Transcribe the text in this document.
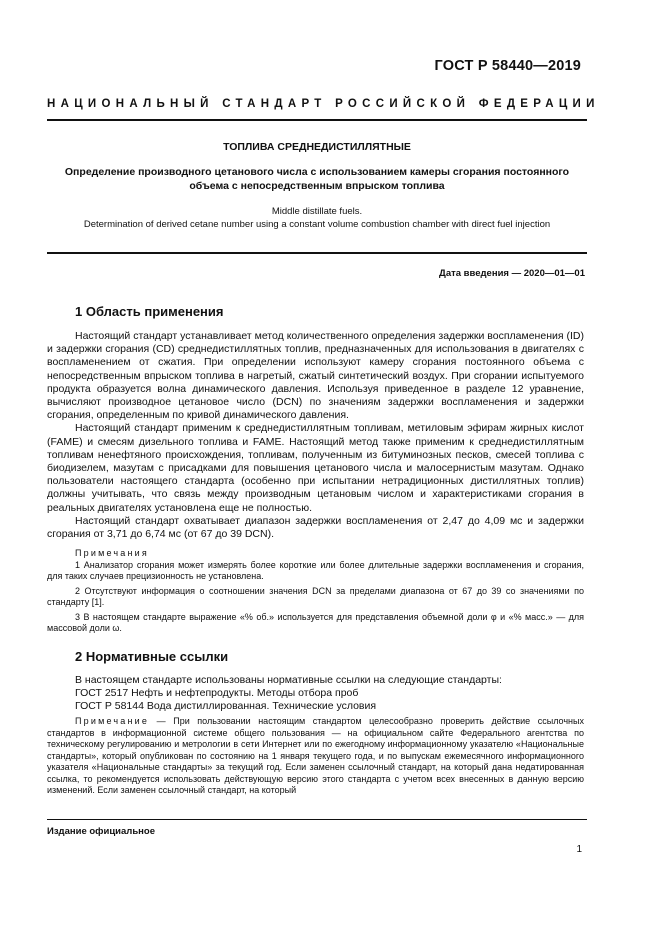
ГОСТ Р 58440—2019
НАЦИОНАЛЬНЫЙ СТАНДАРТ РОССИЙСКОЙ ФЕДЕРАЦИИ
ТОПЛИВА СРЕДНЕДИСТИЛЛЯТНЫЕ
Определение производного цетанового числа с использованием камеры сгорания постоянного объема с непосредственным впрыском топлива
Middle distillate fuels.
Determination of derived cetane number using a constant volume combustion chamber with direct fuel injection
Дата введения — 2020—01—01
1 Область применения

Настоящий стандарт устанавливает метод количественного определения задержки воспламенения (ID) и задержки сгорания (CD) среднедистиллятных топлив, предназначенных для использования в двигателях с воспламенением от сжатия. При определении используют камеру сгорания постоянного объема с непосредственным впрыском топлива в нагретый, сжатый синтетический воздух. При сгорании испытуемого продукта образуется волна динамического давления. Используя приведенное в разделе 12 уравнение, вычисляют производное цетановое число (DCN) по значениям задержки воспламенения и задержки сгорания, определенным по кривой динамического давления.

Настоящий стандарт применим к среднедистиллятным топливам, метиловым эфирам жирных кислот (FAME) и смесям дизельного топлива и FAME. Настоящий метод также применим к среднедистиллятным топливам ненефтяного происхождения, топливам, полученным из битуминозных песков, смесей топлива с биодизелем, мазутам с присадками для повышения цетанового числа и малосернистым мазутам. Однако пользователи настоящего стандарта (особенно при испытании нетрадиционных дистиллятных топлив) должны учитывать, что связь между производным цетановым числом и характеристиками сгорания в реальных двигателях установлена еще не полностью.

Настоящий стандарт охватывает диапазон задержки воспламенения от 2,47 до 4,09 мс и задержки сгорания от 3,71 до 6,74 мс (от 67 до 39 DCN).

Примечания

1 Анализатор сгорания может измерять более короткие или более длительные задержки воспламенения и сгорания, для таких случаев прецизионность не установлена.

2 Отсутствуют информация о соотношении значения DCN за пределами диапазона от 67 до 39 со значениями по стандарту [1].

3 В настоящем стандарте выражение «% об.» используется для представления объемной доли φ и «% масс.» — для массовой доли ω.

2 Нормативные ссылки

В настоящем стандарте использованы нормативные ссылки на следующие стандарты:

ГОСТ 2517 Нефть и нефтепродукты. Методы отбора проб

ГОСТ Р 58144 Вода дистиллированная. Технические условия

Примечание — При пользовании настоящим стандартом целесообразно проверить действие ссылочных стандартов в информационной системе общего пользования — на официальном сайте Федерального агентства по техническому регулированию и метрологии в сети Интернет или по ежегодному информационному указателю «Национальные стандарты», который опубликован по состоянию на 1 января текущего года, и по выпускам ежемесячного информационного указателя «Национальные стандарты» за текущий год. Если заменен ссылочный стандарт, на который дана недатированная ссылка, то рекомендуется использовать действующую версию этого стандарта с учетом всех внесенных в данную версию изменений. Если заменен ссылочный стандарт, на который

Издание официальное
1
